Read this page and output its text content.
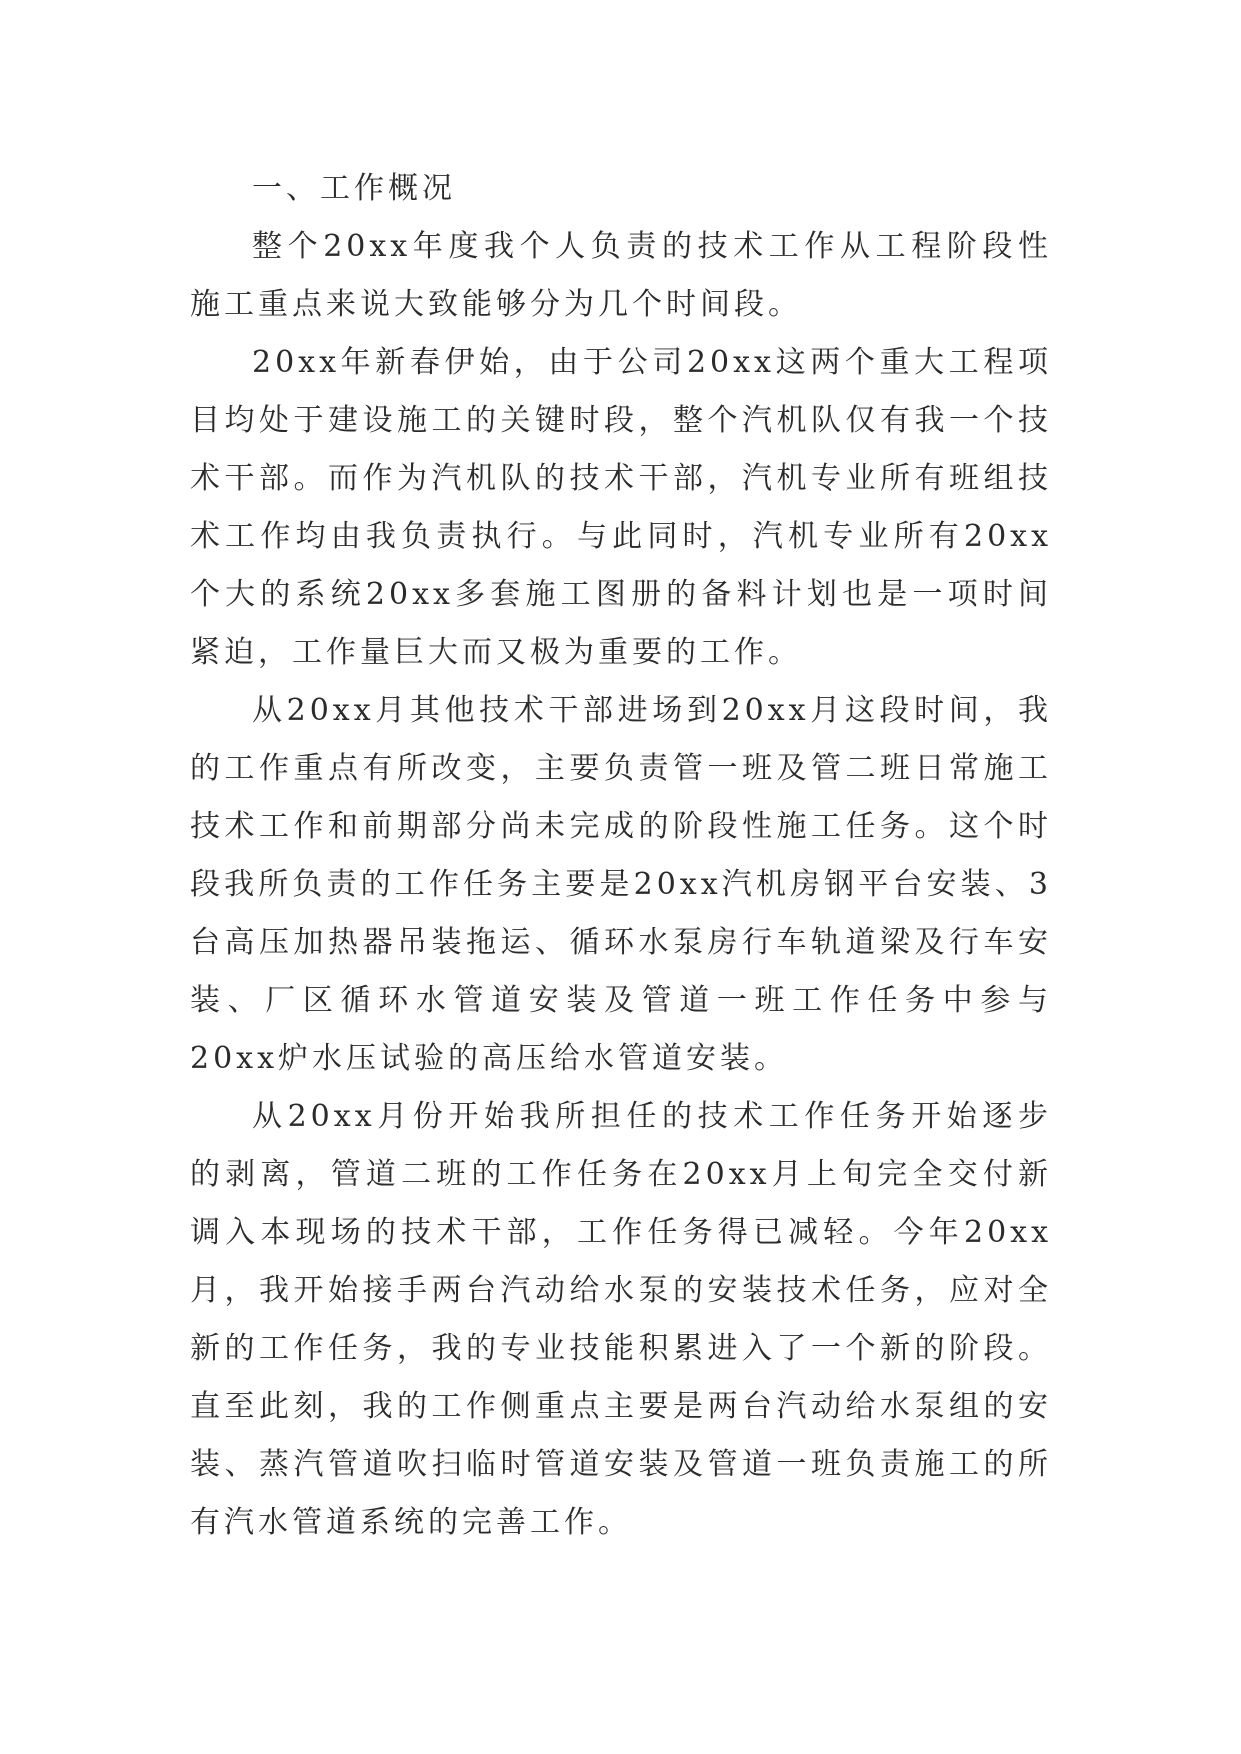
一、工作概况

整个20xx年度我个人负责的技术工作从工程阶段性施工重点来说大致能够分为几个时间段。

20xx年新春伊始，由于公司20xx这两个重大工程项目均处于建设施工的关键时段，整个汽机队仅有我一个技术干部。而作为汽机队的技术干部，汽机专业所有班组技术工作均由我负责执行。与此同时，汽机专业所有20xx个大的系统20xx多套施工图册的备料计划也是一项时间紧迫，工作量巨大而又极为重要的工作。

从20xx月其他技术干部进场到20xx月这段时间，我的工作重点有所改变，主要负责管一班及管二班日常施工技术工作和前期部分尚未完成的阶段性施工任务。这个时段我所负责的工作任务主要是20xx汽机房钢平台安装、3台高压加热器吊装拖运、循环水泵房行车轨道梁及行车安装、厂区循环水管道安装及管道一班工作任务中参与20xx炉水压试验的高压给水管道安装。

从20xx月份开始我所担任的技术工作任务开始逐步的剥离，管道二班的工作任务在20xx月上旬完全交付新调入本现场的技术干部，工作任务得已减轻。今年20xx月，我开始接手两台汽动给水泵的安装技术任务，应对全新的工作任务，我的专业技能积累进入了一个新的阶段。直至此刻，我的工作侧重点主要是两台汽动给水泵组的安装、蒸汽管道吹扫临时管道安装及管道一班负责施工的所有汽水管道系统的完善工作。
